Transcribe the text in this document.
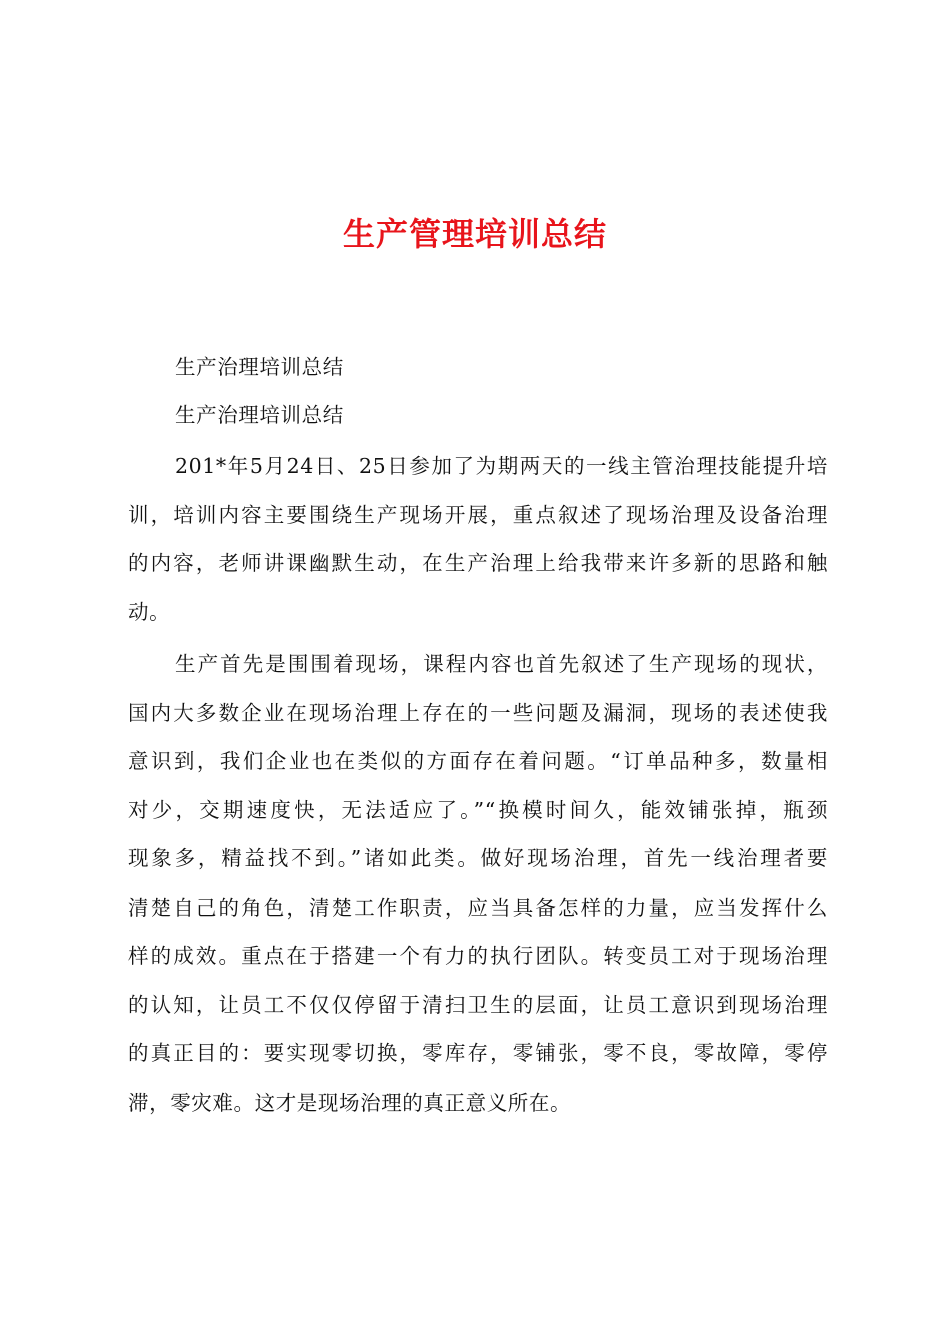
生产管理培训总结
生产治理培训总结
生产治理培训总结
201*年5月24日、25日参加了为期两天的一线主管治理技能提升培
训，培训内容主要围绕生产现场开展，重点叙述了现场治理及设备治理
的内容，老师讲课幽默生动，在生产治理上给我带来许多新的思路和触
动。
生产首先是围围着现场，课程内容也首先叙述了生产现场的现状，
国内大多数企业在现场治理上存在的一些问题及漏洞，现场的表述使我
意识到，我们企业也在类似的方面存在着问题。“订单品种多，数量相
对少，交期速度快，无法适应了。”“换模时间久，能效铺张掉，瓶颈
现象多，精益找不到。”诸如此类。做好现场治理，首先一线治理者要
清楚自己的角色，清楚工作职责，应当具备怎样的力量，应当发挥什么
样的成效。重点在于搭建一个有力的执行团队。转变员工对于现场治理
的认知，让员工不仅仅停留于清扫卫生的层面，让员工意识到现场治理
的真正目的：要实现零切换，零库存，零铺张，零不良，零故障，零停
滞，零灾难。这才是现场治理的真正意义所在。
